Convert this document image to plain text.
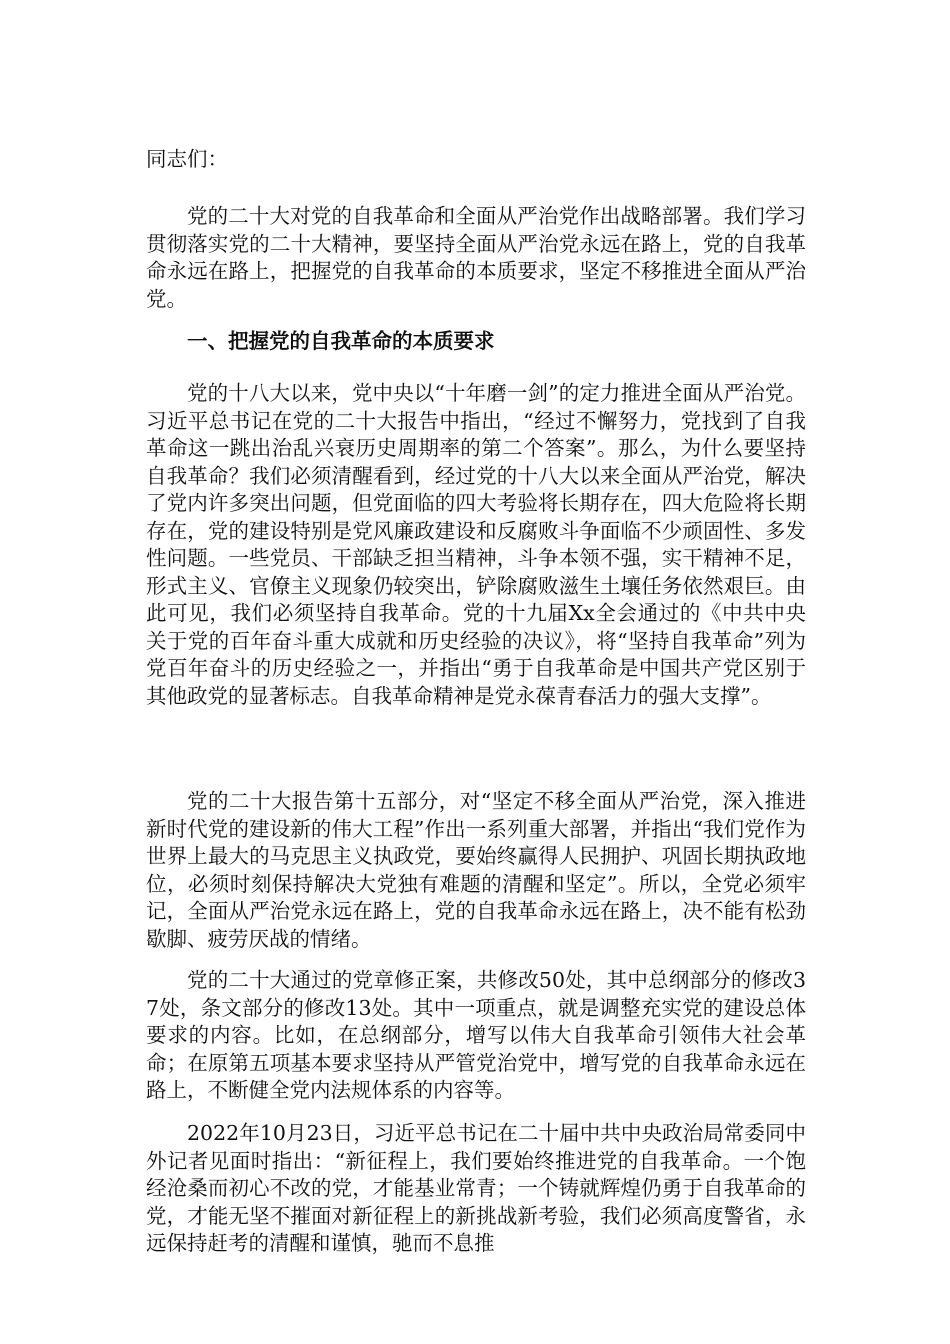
同志们：

党的二十大对党的自我革命和全面从严治党作出战略部署。我们学习贯彻落实党的二十大精神，要坚持全面从严治党永远在路上，党的自我革命永远在路上，把握党的自我革命的本质要求，坚定不移推进全面从严治党。

一、把握党的自我革命的本质要求

党的十八大以来，党中央以“十年磨一剑”的定力推进全面从严治党。习近平总书记在党的二十大报告中指出，“经过不懈努力，党找到了自我革命这一跳出治乱兴衰历史周期率的第二个答案”。那么，为什么要坚持自我革命？我们必须清醒看到，经过党的十八大以来全面从严治党，解决了党内许多突出问题，但党面临的四大考验将长期存在，四大危险将长期存在，党的建设特别是党风廉政建设和反腐败斗争面临不少顽固性、多发性问题。一些党员、干部缺乏担当精神，斗争本领不强，实干精神不足，形式主义、官僚主义现象仍较突出，铲除腐败滋生土壤任务依然艰巨。由此可见，我们必须坚持自我革命。党的十九届Xx全会通过的《中共中央关于党的百年奋斗重大成就和历史经验的决议》，将“坚持自我革命”列为党百年奋斗的历史经验之一，并指出“勇于自我革命是中国共产党区别于其他政党的显著标志。自我革命精神是党永葆青春活力的强大支撑”。

党的二十大报告第十五部分，对“坚定不移全面从严治党，深入推进新时代党的建设新的伟大工程”作出一系列重大部署，并指出“我们党作为世界上最大的马克思主义执政党，要始终赢得人民拥护、巩固长期执政地位，必须时刻保持解决大党独有难题的清醒和坚定”。所以，全党必须牢记，全面从严治党永远在路上，党的自我革命永远在路上，决不能有松劲歇脚、疲劳厌战的情绪。

党的二十大通过的党章修正案，共修改50处，其中总纲部分的修改37处，条文部分的修改13处。其中一项重点，就是调整充实党的建设总体要求的内容。比如，在总纲部分，增写以伟大自我革命引领伟大社会革命；在原第五项基本要求坚持从严管党治党中，增写党的自我革命永远在路上，不断健全党内法规体系的内容等。

2022年10月23日，习近平总书记在二十届中共中央政治局常委同中外记者见面时指出：“新征程上，我们要始终推进党的自我革命。一个饱经沧桑而初心不改的党，才能基业常青；一个铸就辉煌仍勇于自我革命的党，才能无坚不摧面对新征程上的新挑战新考验，我们必须高度警省，永远保持赶考的清醒和谨慎，驰而不息推
